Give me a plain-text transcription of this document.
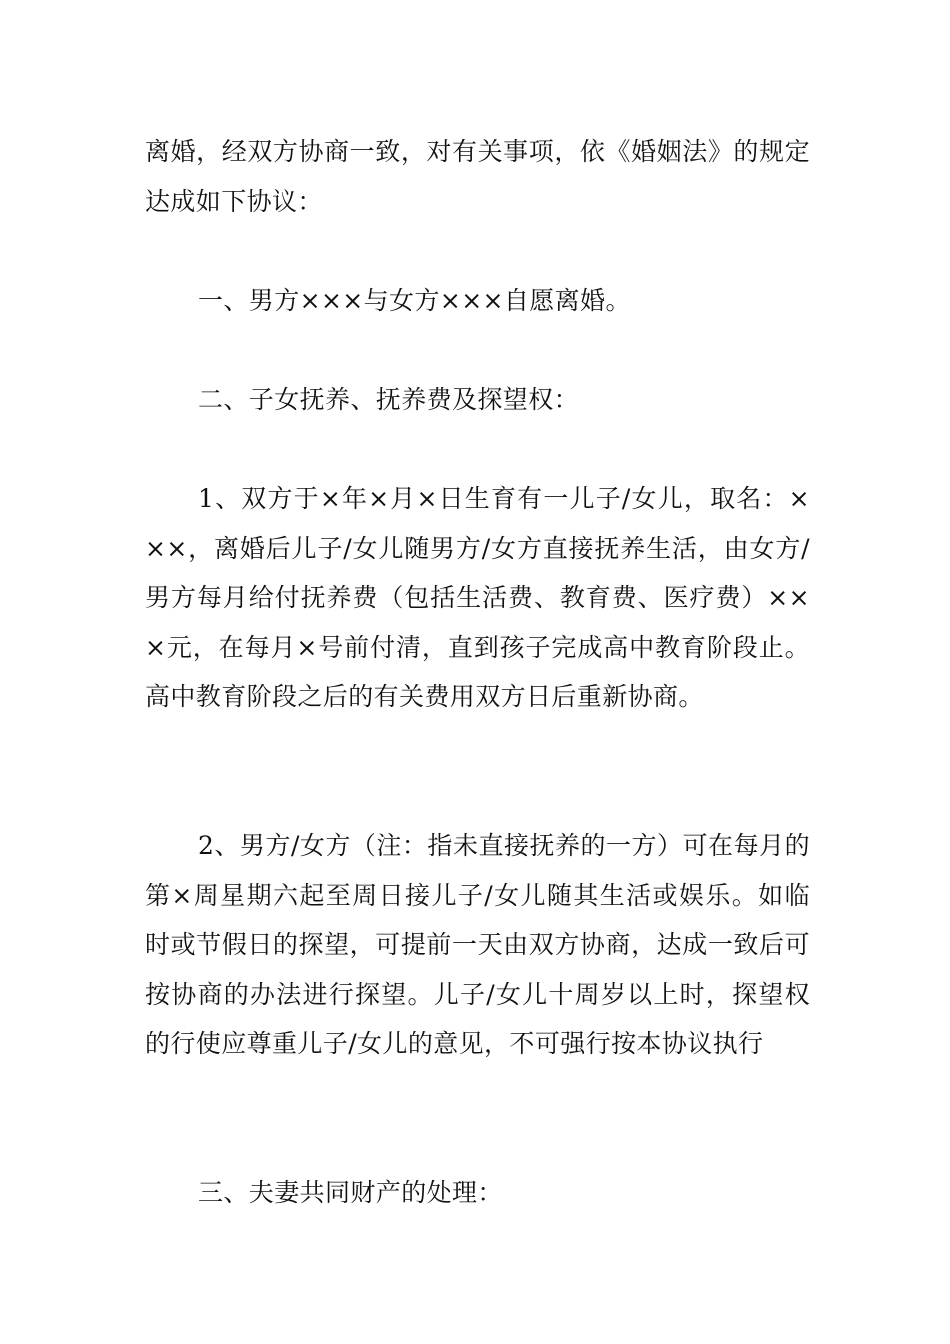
离婚，经双方协商一致，对有关事项，依《婚姻法》的规定达成如下协议：

一、男方×××与女方×××自愿离婚。

二、子女抚养、抚养费及探望权：

1、双方于×年×月×日生育有一儿子/女儿，取名：×××，离婚后儿子/女儿随男方/女方直接抚养生活，由女方/男方每月给付抚养费（包括生活费、教育费、医疗费）×××元，在每月×号前付清，直到孩子完成高中教育阶段止。高中教育阶段之后的有关费用双方日后重新协商。

2、男方/女方（注：指未直接抚养的一方）可在每月的第×周星期六起至周日接儿子/女儿随其生活或娱乐。如临时或节假日的探望，可提前一天由双方协商，达成一致后可按协商的办法进行探望。儿子/女儿十周岁以上时，探望权的行使应尊重儿子/女儿的意见，不可强行按本协议执行

三、夫妻共同财产的处理：
